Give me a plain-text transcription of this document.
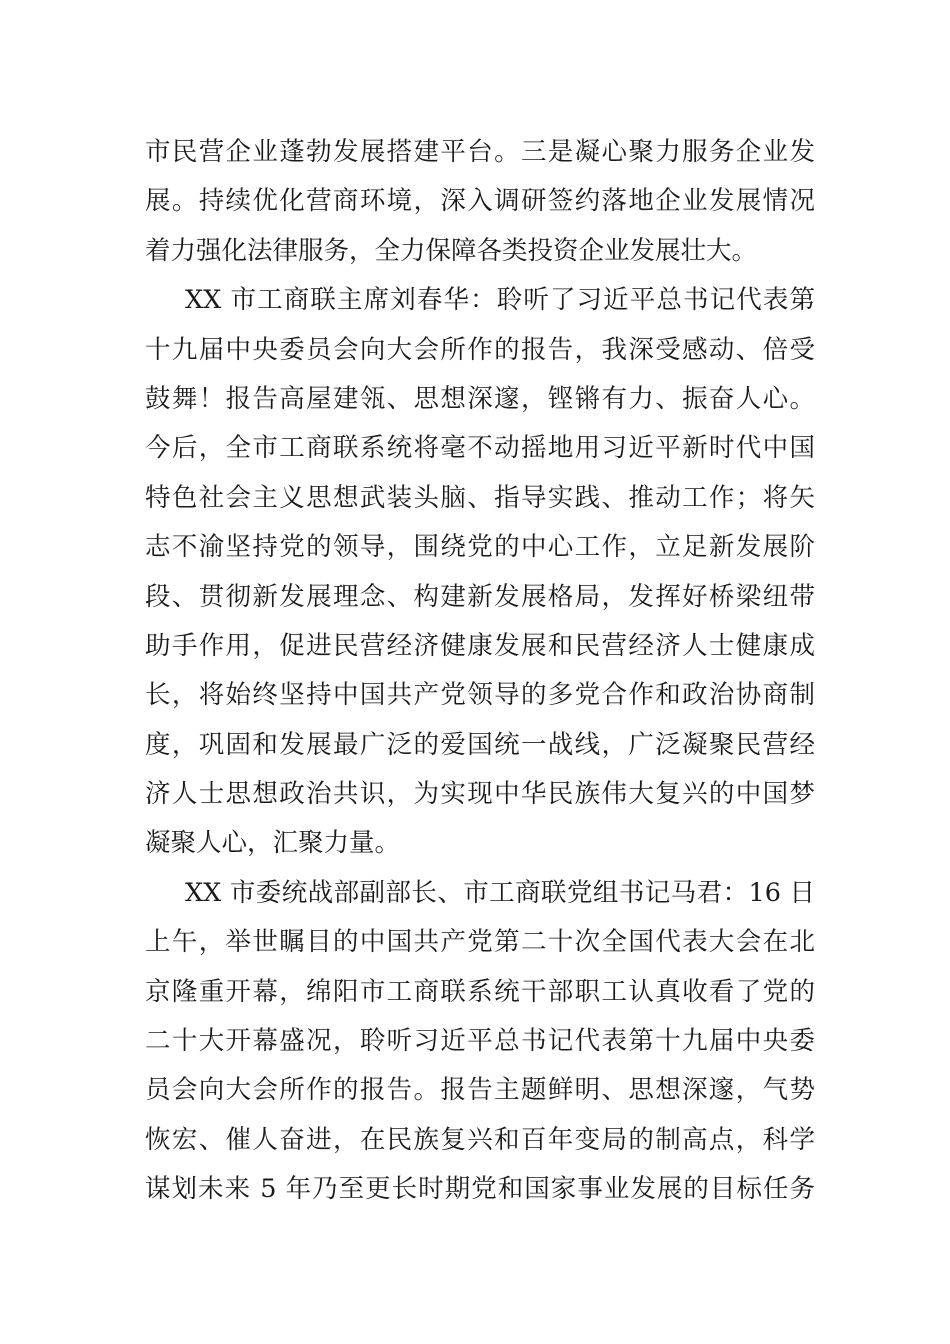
市民营企业蓬勃发展搭建平台。三是凝心聚力服务企业发
展。持续优化营商环境，深入调研签约落地企业发展情况
着力强化法律服务，全力保障各类投资企业发展壮大。
XX 市工商联主席刘春华：聆听了习近平总书记代表第
十九届中央委员会向大会所作的报告，我深受感动、倍受
鼓舞！报告高屋建瓴、思想深邃，铿锵有力、振奋人心。
今后，全市工商联系统将毫不动摇地用习近平新时代中国
特色社会主义思想武装头脑、指导实践、推动工作；将矢
志不渝坚持党的领导，围绕党的中心工作，立足新发展阶
段、贯彻新发展理念、构建新发展格局，发挥好桥梁纽带
助手作用，促进民营经济健康发展和民营经济人士健康成
长，将始终坚持中国共产党领导的多党合作和政治协商制
度，巩固和发展最广泛的爱国统一战线，广泛凝聚民营经
济人士思想政治共识，为实现中华民族伟大复兴的中国梦
凝聚人心，汇聚力量。
XX 市委统战部副部长、市工商联党组书记马君：16 日
上午，举世瞩目的中国共产党第二十次全国代表大会在北
京隆重开幕，绵阳市工商联系统干部职工认真收看了党的
二十大开幕盛况，聆听习近平总书记代表第十九届中央委
员会向大会所作的报告。报告主题鲜明、思想深邃，气势
恢宏、催人奋进，在民族复兴和百年变局的制高点，科学
谋划未来 5 年乃至更长时期党和国家事业发展的目标任务
